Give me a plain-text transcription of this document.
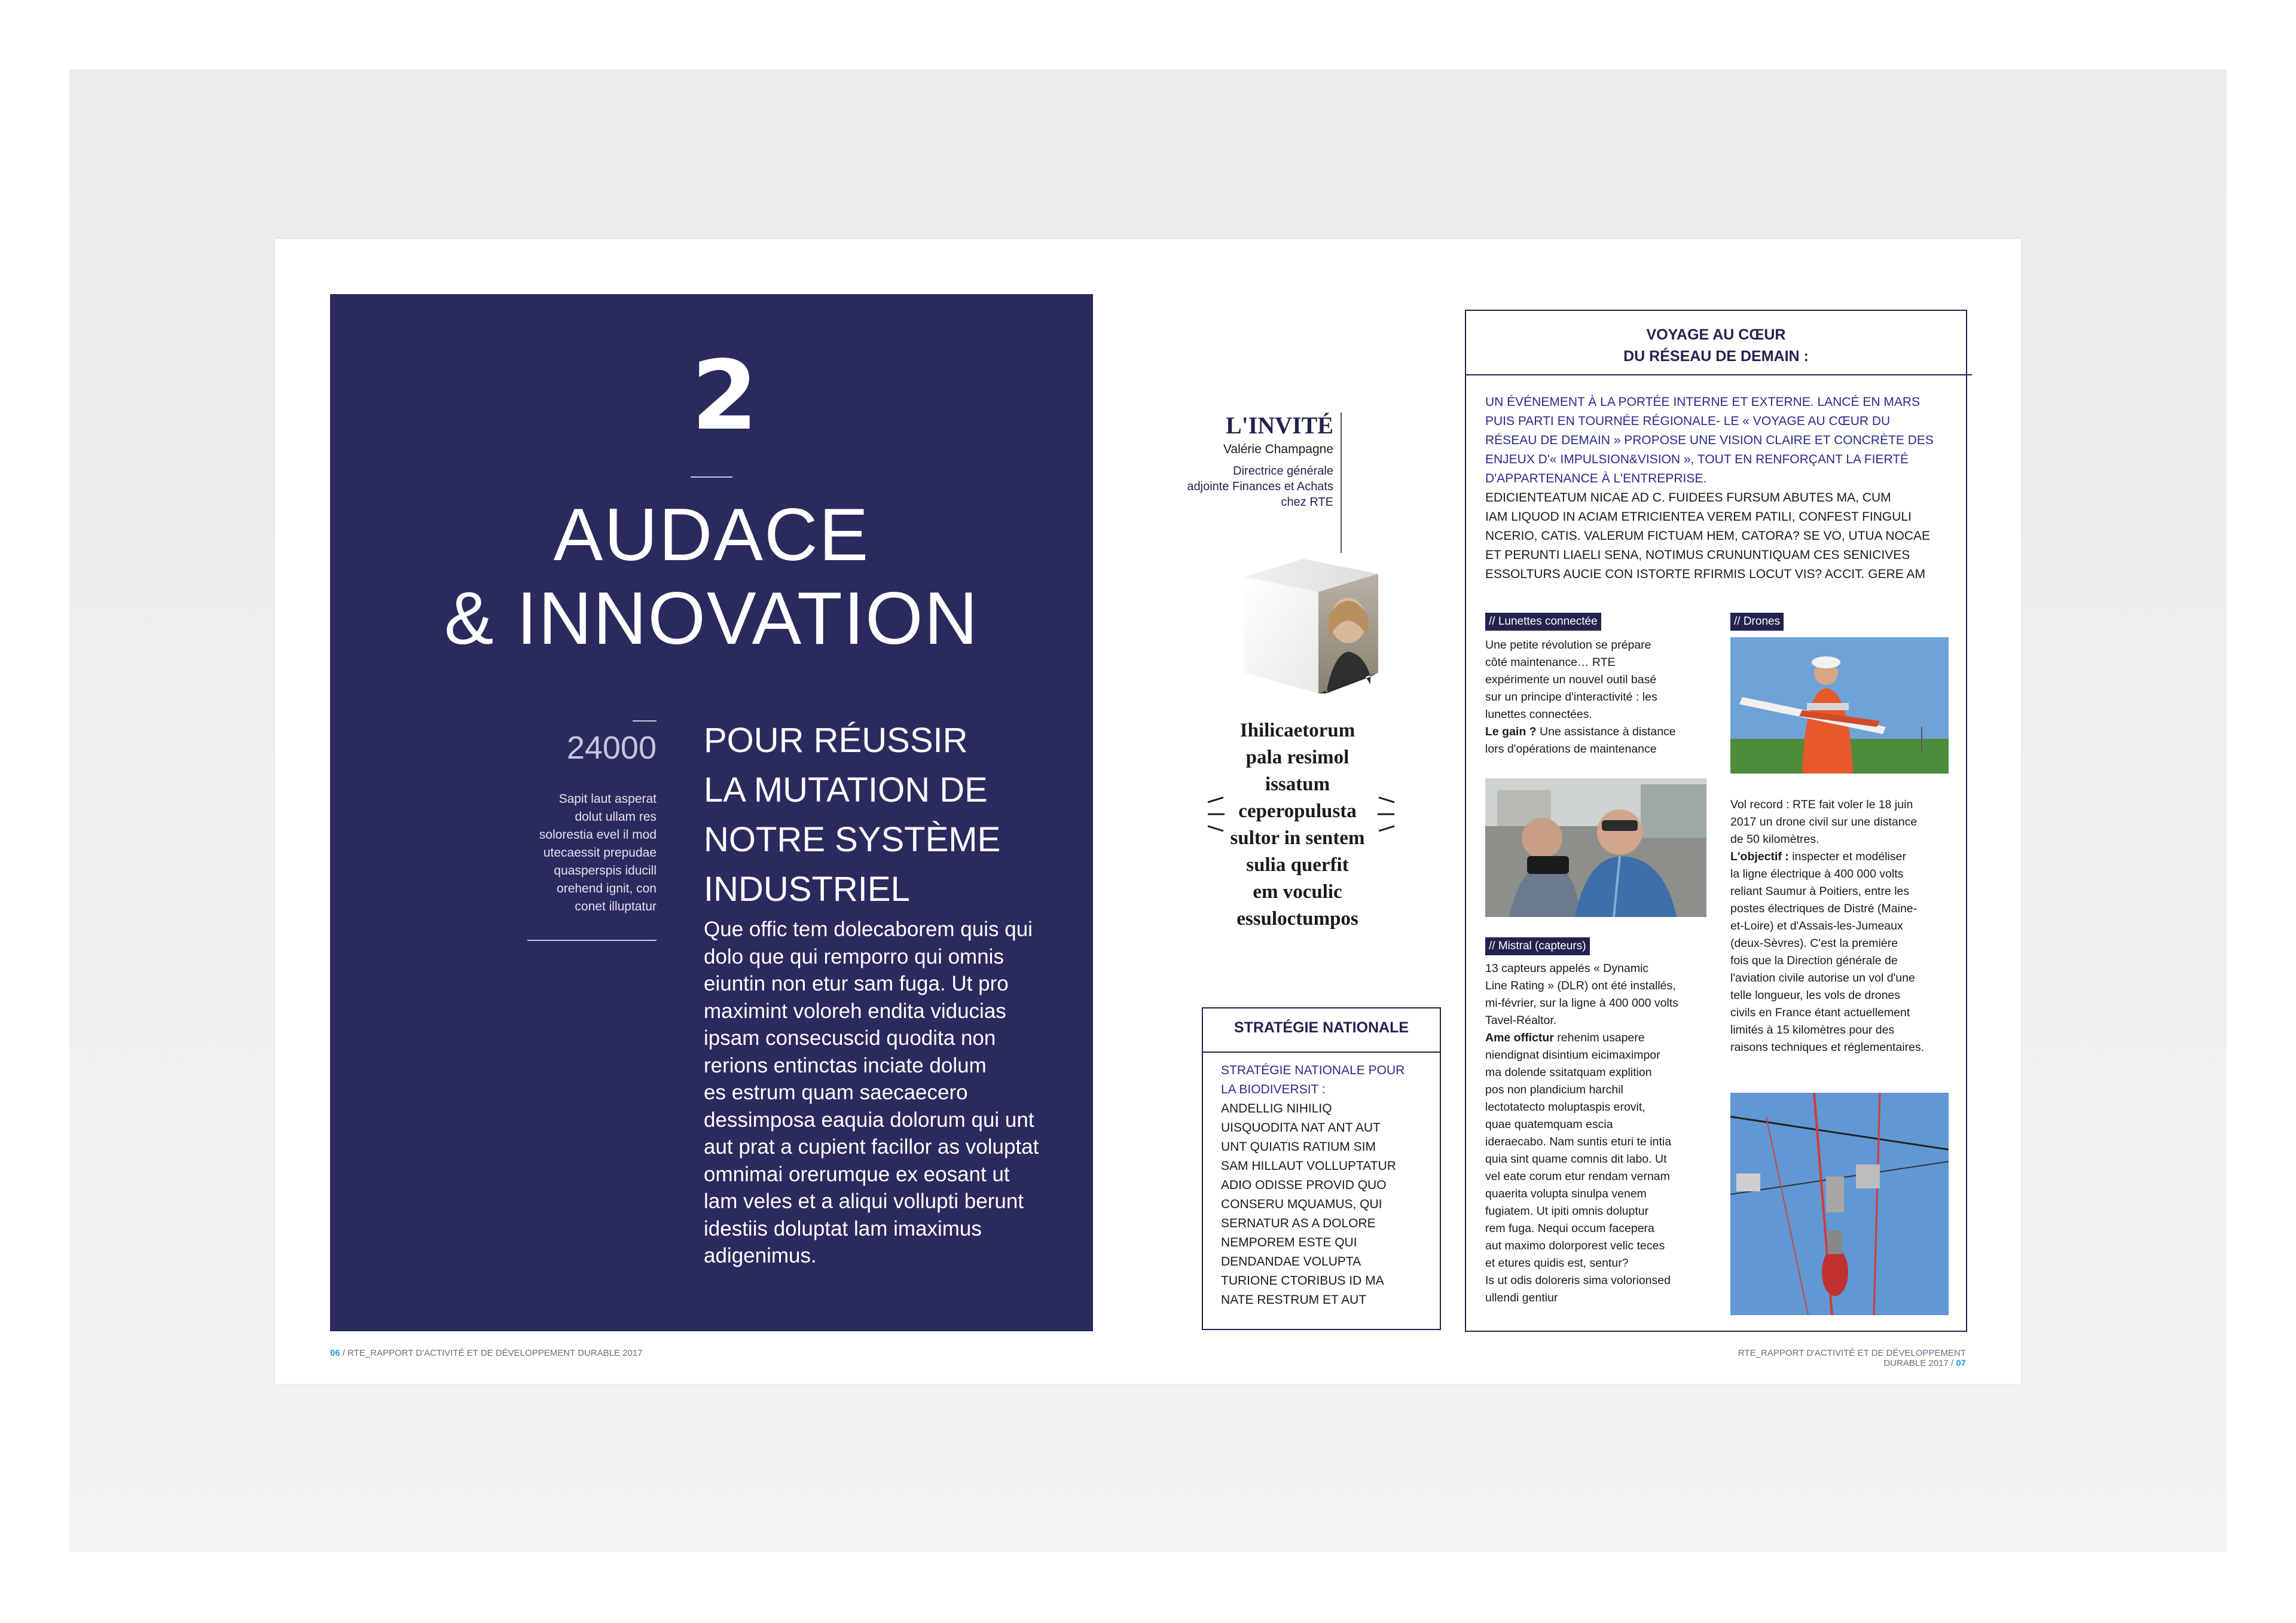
2
AUDACE
& INNOVATION
24000
Sapit laut asperat
dolut ullam res
solorestia evel il mod
utecaessit prepudae
quasperspis iducill
orehend ignit, con
conet illuptatur
POUR RÉUSSIR
LA MUTATION DE
NOTRE SYSTÈME
INDUSTRIEL
Que offic tem dolecaborem quis qui
dolo que qui remporro qui omnis
eiuntin non etur sam fuga. Ut pro
maximint voloreh endita viducias
ipsam consecuscid quodita non
rerions entinctas inciate dolum
es estrum quam saecaecero
dessimposa eaquia dolorum qui unt
aut prat a cupient facillor as voluptat
omnimai orerumque ex eosant ut
lam veles et a aliqui vollupti berunt
idestiis doluptat lam imaximus
adigenimus.
06 / RTE_RAPPORT D'ACTIVITÉ ET DE DÉVELOPPEMENT DURABLE 2017
L'INVITÉ
Valérie Champagne
Directrice générale
adjointe Finances et Achats
chez RTE
Ihilicaetorum
pala resimol
issatum
ceperopulusta
sultor in sentem
sulia querfit
em voculic
essuloctumpos
STRATÉGIE NATIONALE
STRATÉGIE NATIONALE POUR
LA BIODIVERSIT :
ANDELLIG NIHILIQ
UISQUODITA NAT ANT AUT
UNT QUIATIS RATIUM SIM
SAM HILLAUT VOLLUPTATUR
ADIO ODISSE PROVID QUO
CONSERU MQUAMUS, QUI
SERNATUR AS A DOLORE
NEMPOREM ESTE QUI
DENDANDAE VOLUPTA
TURIONE CTORIBUS ID MA
NATE RESTRUM ET AUT
VOYAGE AU CŒUR
DU RÉSEAU DE DEMAIN :
UN ÉVÉNEMENT À LA PORTÉE INTERNE ET EXTERNE. LANCÉ EN MARS
PUIS PARTI EN TOURNÉE RÉGIONALE- LE « VOYAGE AU CŒUR DU
RÉSEAU DE DEMAIN » PROPOSE UNE VISION CLAIRE ET CONCRÈTE DES
ENJEUX D'« IMPULSION&VISION », TOUT EN RENFORÇANT LA FIERTÉ
D'APPARTENANCE À L'ENTREPRISE.
EDICIENTEATUM NICAE AD C. FUIDEES FURSUM ABUTES MA, CUM
IAM LIQUOD IN ACIAM ETRICIENTEA VEREM PATILI, CONFEST FINGULI
NCERIO, CATIS. VALERUM FICTUAM HEM, CATORA? SE VO, UTUA NOCAE
ET PERUNTI LIAELI SENA, NOTIMUS CRUNUNTIQUAM CES SENICIVES
ESSOLTURS AUCIE CON ISTORTE RFIRMIS LOCUT VIS? ACCIT. GERE AM
// Lunettes connectée
Une petite révolution se prépare
côté maintenance… RTE
expérimente un nouvel outil basé
sur un principe d'interactivité : les
lunettes connectées.
Le gain ? Une assistance à distance
lors d'opérations de maintenance
// Mistral (capteurs)
13 capteurs appelés « Dynamic
Line Rating » (DLR) ont été installés,
mi-février, sur la ligne à 400 000 volts
Tavel-Réaltor.
Ame offictur rehenim usapere
niendignat disintium eicimaximpor
ma dolende ssitatquam explition
pos non plandicium harchil
lectotatecto moluptaspis erovit,
quae quatemquam escia
ideraecabo. Nam suntis eturi te intia
quia sint quame comnis dit labo. Ut
vel eate corum etur rendam vernam
quaerita volupta sinulpa venem
fugiatem. Ut ipiti omnis doluptur
rem fuga. Nequi occum facepera
aut maximo dolorporest velic teces
et etures quidis est, sentur?
Is ut odis doloreris sima volorionsed
ullendi gentiur
// Drones
Vol record : RTE fait voler le 18 juin
2017 un drone civil sur une distance
de 50 kilomètres.
L'objectif : inspecter et modéliser
la ligne électrique à 400 000 volts
reliant Saumur à Poitiers, entre les
postes électriques de Distré (Maine-
et-Loire) et d'Assais-les-Jumeaux
(deux-Sèvres). C'est la première
fois que la Direction générale de
l'aviation civile autorise un vol d'une
telle longueur, les vols de drones
civils en France étant actuellement
limités à 15 kilomètres pour des
raisons techniques et réglementaires.
RTE_RAPPORT D'ACTIVITÉ ET DE DÉVELOPPEMENT DURABLE 2017 / 07
